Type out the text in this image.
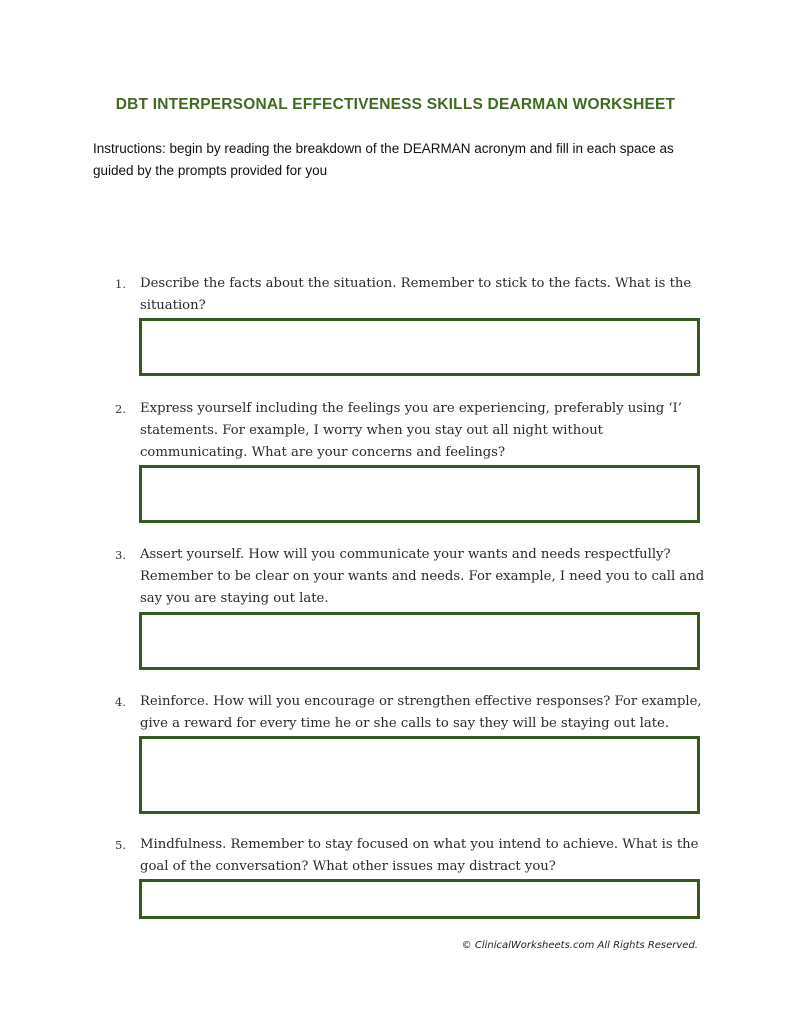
DBT INTERPERSONAL EFFECTIVENESS SKILLS DEARMAN WORKSHEET
Instructions: begin by reading the breakdown of the DEARMAN acronym and fill in each space as guided by the prompts provided for you
1. Describe the facts about the situation. Remember to stick to the facts. What is the situation?
2. Express yourself including the feelings you are experiencing, preferably using ‘I’ statements. For example, I worry when you stay out all night without communicating. What are your concerns and feelings?
3. Assert yourself. How will you communicate your wants and needs respectfully? Remember to be clear on your wants and needs. For example, I need you to call and say you are staying out late.
4. Reinforce. How will you encourage or strengthen effective responses? For example, give a reward for every time he or she calls to say they will be staying out late.
5. Mindfulness. Remember to stay focused on what you intend to achieve. What is the goal of the conversation? What other issues may distract you?
© ClinicalWorksheets.com All Rights Reserved.
